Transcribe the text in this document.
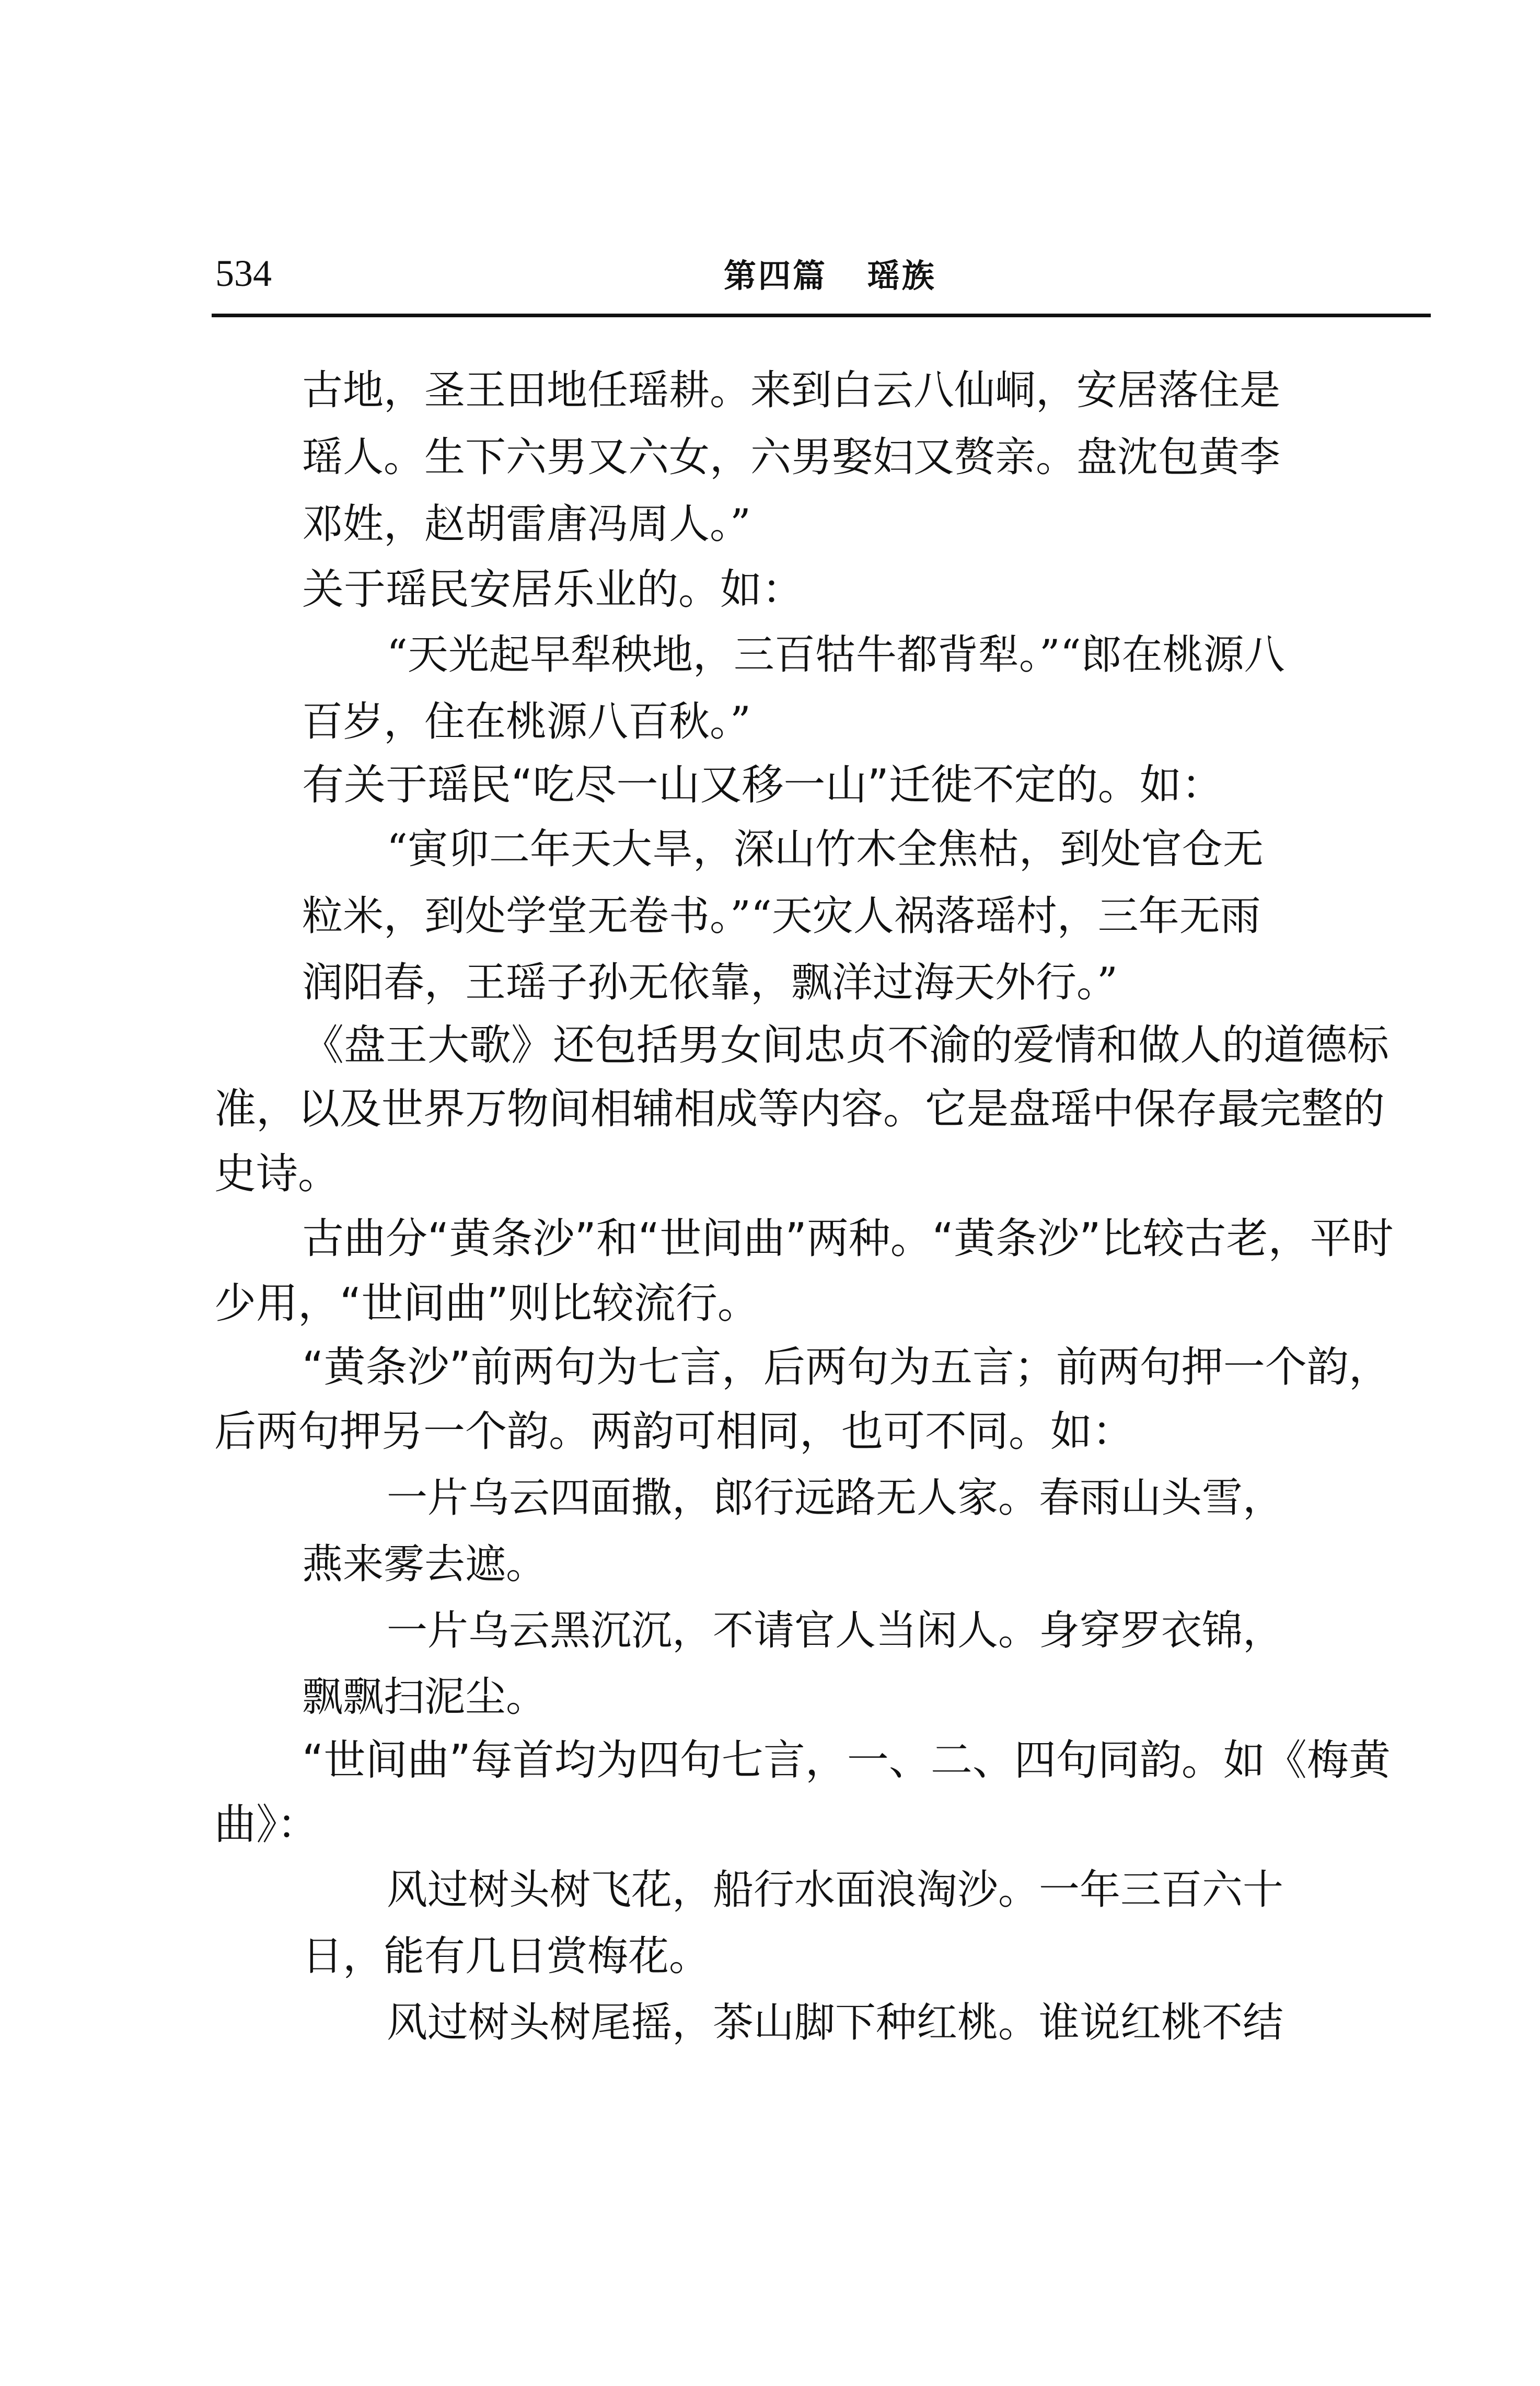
534	第四篇   瑶族
古地，圣王田地任瑶耕。来到白云八仙峒，安居落住是
瑶人。生下六男又六女，六男娶妇又赘亲。盘沈包黄李
邓姓，赵胡雷唐冯周人。”
关于瑶民安居乐业的。如：
“天光起早犁秧地，三百牯牛都背犁。”“郎在桃源八
百岁，住在桃源八百秋。”
有关于瑶民“吃尽一山又移一山”迁徙不定的。如：
“寅卯二年天大旱，深山竹木全焦枯，到处官仓无
粒米，到处学堂无卷书。”“天灾人祸落瑶村，三年无雨
润阳春，王瑶子孙无依靠，飘洋过海天外行。”
《盘王大歌》还包括男女间忠贞不渝的爱情和做人的道德标
准，以及世界万物间相辅相成等内容。它是盘瑶中保存最完整的
史诗。
古曲分“黄条沙”和“世间曲”两种。“黄条沙”比较古老，平时
少用，“世间曲”则比较流行。
“黄条沙”前两句为七言，后两句为五言；前两句押一个韵，
后两句押另一个韵。两韵可相同，也可不同。如：
一片乌云四面撒，郎行远路无人家。春雨山头雪，
燕来雾去遮。
一片乌云黑沉沉，不请官人当闲人。身穿罗衣锦，
飘飘扫泥尘。
“世间曲”每首均为四句七言，一、二、四句同韵。如《梅黄
曲》：
风过树头树飞花，船行水面浪淘沙。一年三百六十
日，能有几日赏梅花。
风过树头树尾摇，茶山脚下种红桃。谁说红桃不结
